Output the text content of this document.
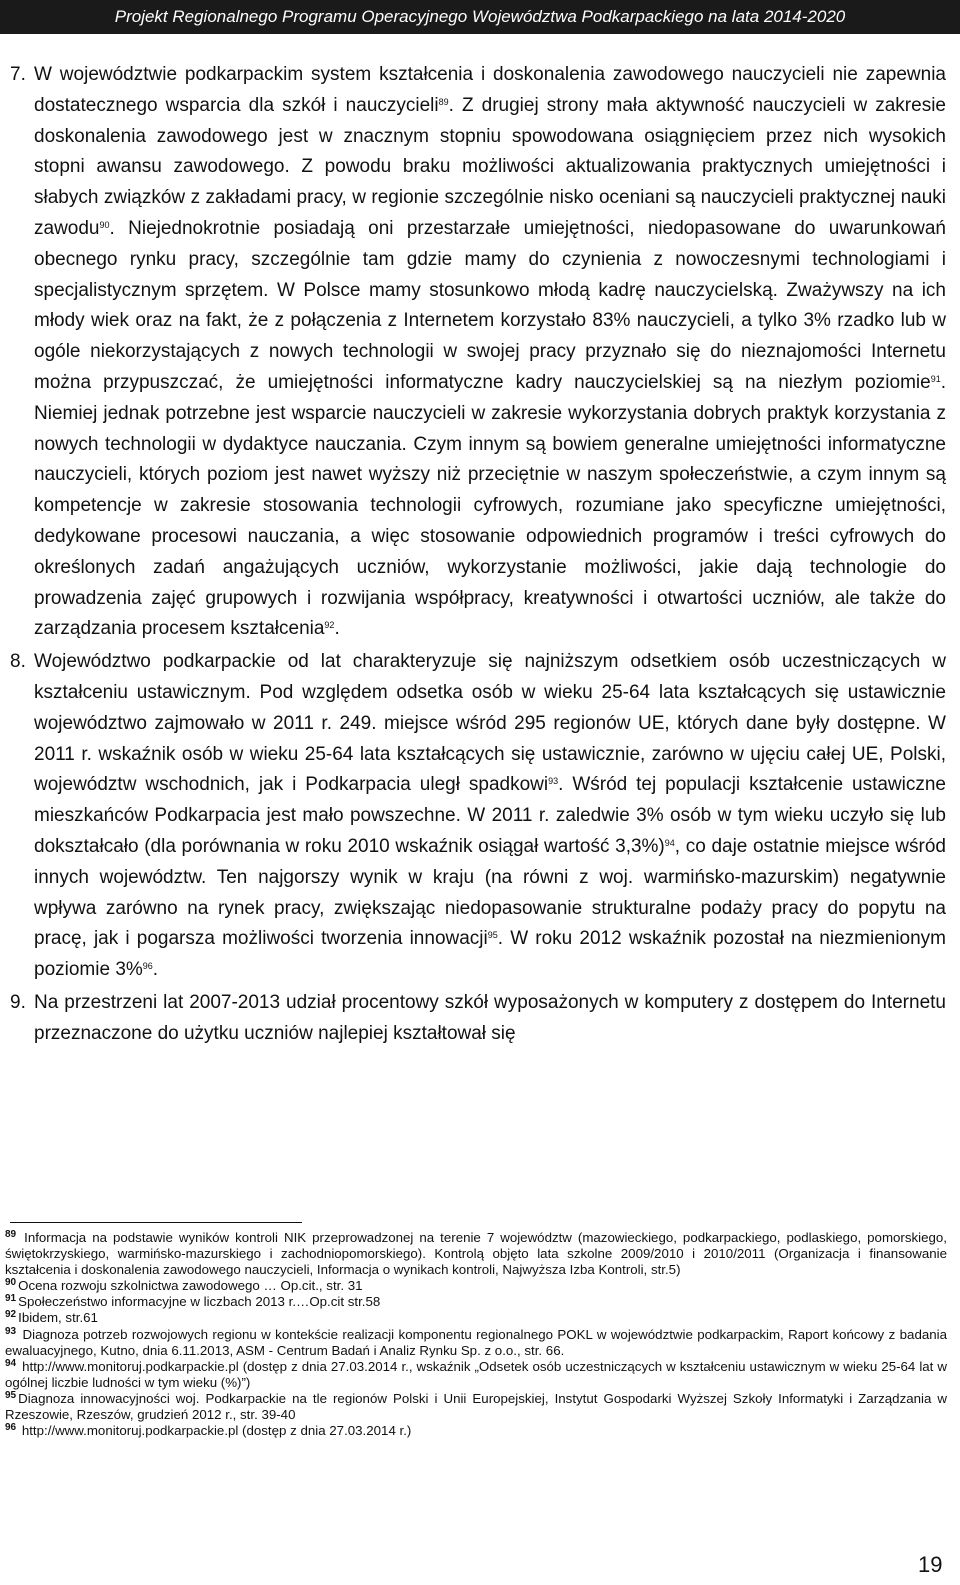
Projekt Regionalnego Programu Operacyjnego Województwa Podkarpackiego na lata 2014-2020
7. W województwie podkarpackim system kształcenia i doskonalenia zawodowego nauczycieli nie zapewnia dostatecznego wsparcia dla szkół i nauczycieli$^{89}$. Z drugiej strony mała aktywność nauczycieli w zakresie doskonalenia zawodowego jest w znacznym stopniu spowodowana osiągnięciem przez nich wysokich stopni awansu zawodowego. Z powodu braku możliwości aktualizowania praktycznych umiejętności i słabych związków z zakładami pracy, w regionie szczególnie nisko oceniani są nauczycieli praktycznej nauki zawodu$^{90}$. Niejednokrotnie posiadają oni przestarzałe umiejętności, niedopasowane do uwarunkowań obecnego rynku pracy, szczególnie tam gdzie mamy do czynienia z nowoczesnymi technologiami i specjalistycznym sprzętem. W Polsce mamy stosunkowo młodą kadrę nauczycielską. Zważywszy na ich młody wiek oraz na fakt, że z połączenia z Internetem korzystało 83% nauczycieli, a tylko 3% rzadko lub w ogóle niekorzystających z nowych technologii w swojej pracy przyznało się do nieznajomości Internetu można przypuszczać, że umiejętności informatyczne kadry nauczycielskiej są na niezłym poziomie$^{91}$. Niemiej jednak potrzebne jest wsparcie nauczycieli w zakresie wykorzystania dobrych praktyk korzystania z nowych technologii w dydaktyce nauczania. Czym innym są bowiem generalne umiejętności informatyczne nauczycieli, których poziom jest nawet wyższy niż przeciętnie w naszym społeczeństwie, a czym innym są kompetencje w zakresie stosowania technologii cyfrowych, rozumiane jako specyficzne umiejętności, dedykowane procesowi nauczania, a więc stosowanie odpowiednich programów i treści cyfrowych do określonych zadań angażujących uczniów, wykorzystanie możliwości, jakie dają technologie do prowadzenia zajęć grupowych i rozwijania współpracy, kreatywności i otwartości uczniów, ale także do zarządzania procesem kształcenia$^{92}$.
8. Województwo podkarpackie od lat charakteryzuje się najniższym odsetkiem osób uczestniczących w kształceniu ustawicznym. Pod względem odsetka osób w wieku 25-64 lata kształcących się ustawicznie województwo zajmowało w 2011 r. 249. miejsce wśród 295 regionów UE, których dane były dostępne. W 2011 r. wskaźnik osób w wieku 25-64 lata kształcących się ustawicznie, zarówno w ujęciu całej UE, Polski, województw wschodnich, jak i Podkarpacia uległ spadkowi$^{93}$. Wśród tej populacji kształcenie ustawiczne mieszkańców Podkarpacia jest mało powszechne. W 2011 r. zaledwie 3% osób w tym wieku uczyło się lub dokształcało (dla porównania w roku 2010 wskaźnik osiągał wartość 3,3%)$^{94}$, co daje ostatnie miejsce wśród innych województw. Ten najgorszy wynik w kraju (na równi z woj. warmińsko-mazurskim) negatywnie wpływa zarówno na rynek pracy, zwiększając niedopasowanie strukturalne podaży pracy do popytu na pracę, jak i pogarsza możliwości tworzenia innowacji$^{95}$. W roku 2012 wskaźnik pozostał na niezmienionym poziomie 3%$^{96}$.
9. Na przestrzeni lat 2007-2013 udział procentowy szkół wyposażonych w komputery z dostępem do Internetu przeznaczone do użytku uczniów najlepiej kształtował się

$^{89}$ Informacja na podstawie wyników kontroli NIK przeprowadzonej na terenie 7 województw (mazowieckiego, podkarpackiego, podlaskiego, pomorskiego, świętokrzyskiego, warmińsko-mazurskiego i zachodniopomorskiego). Kontrolą objęto lata szkolne 2009/2010 i 2010/2011 (Organizacja i finansowanie kształcenia i doskonalenia zawodowego nauczycieli, Informacja o wynikach kontroli, Najwyższa Izba Kontroli, str.5)

$^{90}$ Ocena rozwoju szkolnictwa zawodowego … Op.cit., str. 31

$^{91}$ Społeczeństwo informacyjne w liczbach 2013 r.…Op.cit str.58

$^{92}$ Ibidem, str.61

$^{93}$ Diagnoza potrzeb rozwojowych regionu w kontekście realizacji komponentu regionalnego POKL w województwie podkarpackim, Raport końcowy z badania ewaluacyjnego, Kutno, dnia 6.11.2013, ASM - Centrum Badań i Analiz Rynku Sp. z o.o., str. 66.

$^{94}$ http://www.monitoruj.podkarpackie.pl (dostęp z dnia 27.03.2014 r., wskaźnik „Odsetek osób uczestniczących w kształceniu ustawicznym w wieku 25-64 lat w ogólnej liczbie ludności w tym wieku (%)”)

$^{95}$ Diagnoza innowacyjności woj. Podkarpackie na tle regionów Polski i Unii Europejskiej, Instytut Gospodarki Wyższej Szkoły Informatyki i Zarządzania w Rzeszowie, Rzeszów, grudzień 2012 r., str. 39-40

$^{96}$ http://www.monitoruj.podkarpackie.pl (dostęp z dnia 27.03.2014 r.)

19
